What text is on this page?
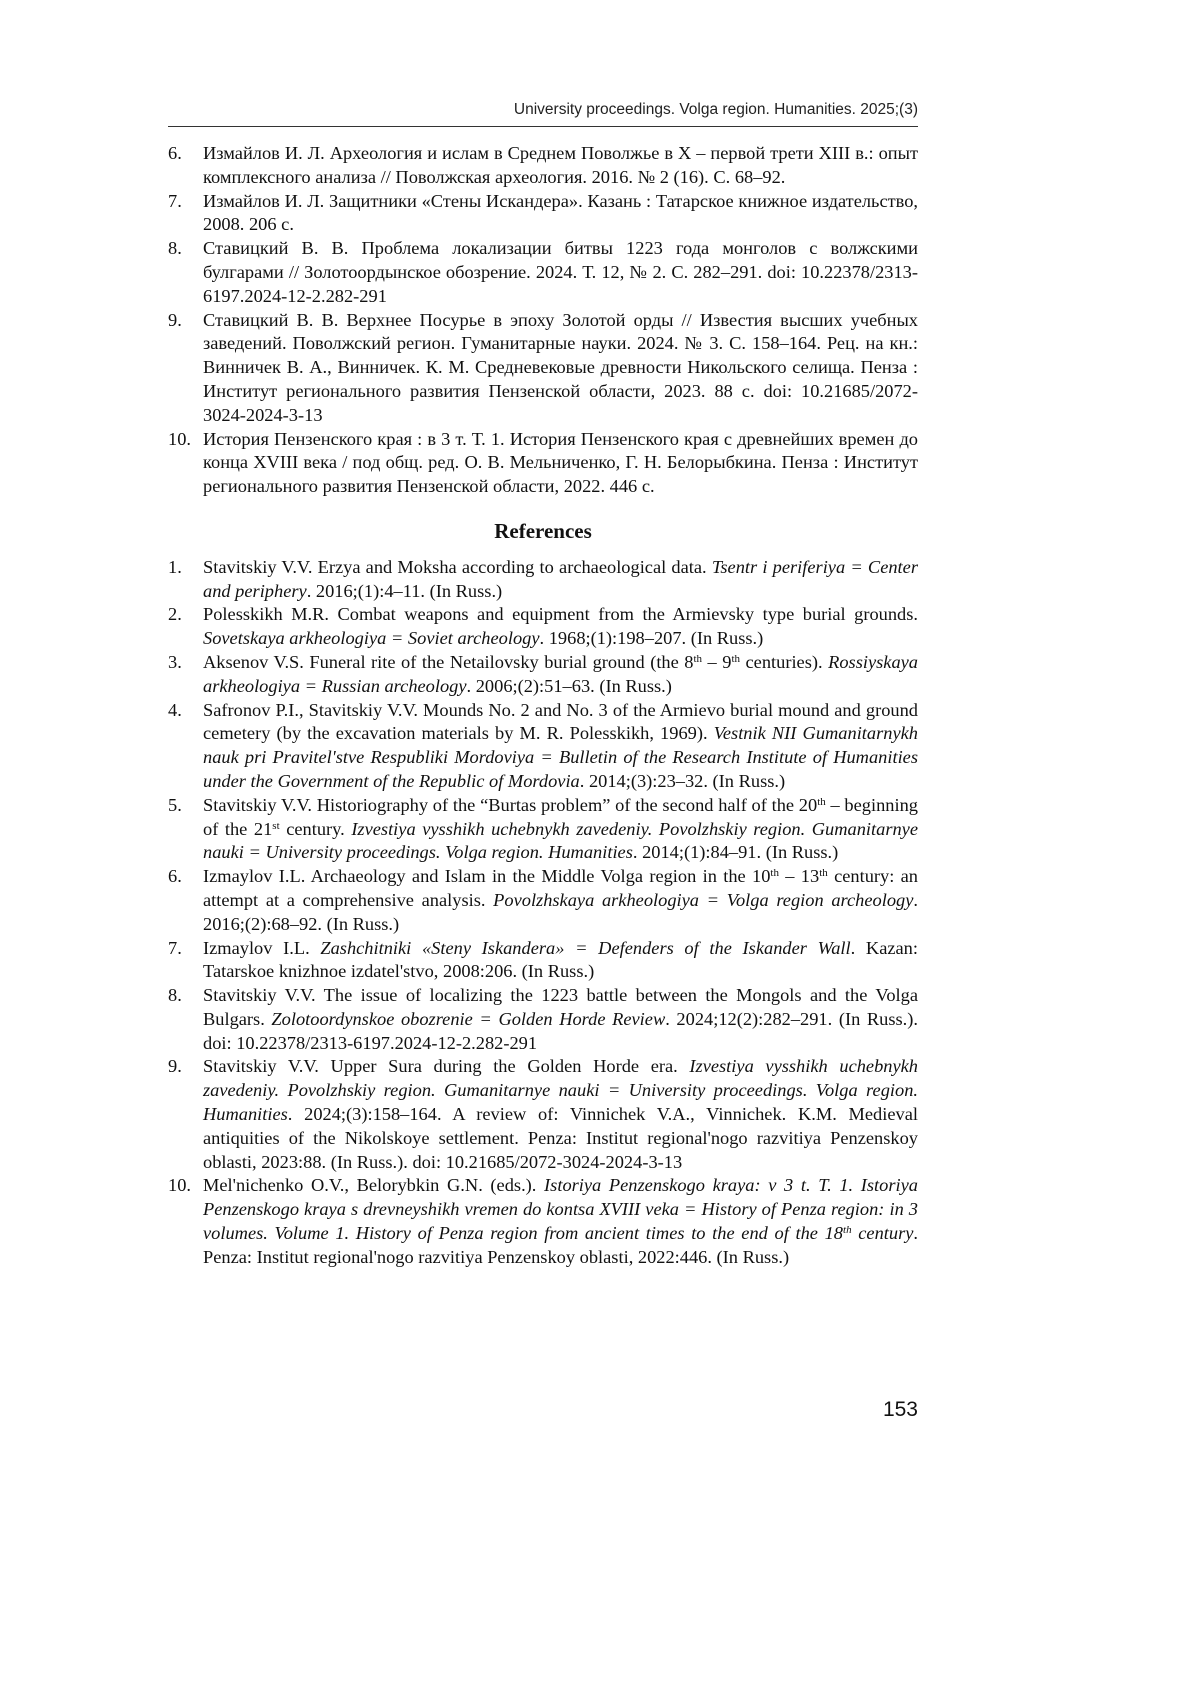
University proceedings. Volga region. Humanities. 2025;(3)
6.	Измайлов И. Л. Археология и ислам в Среднем Поволжье в X – первой трети XIII в.: опыт комплексного анализа // Поволжская археология. 2016. № 2 (16). С. 68–92.
7.	Измайлов И. Л. Защитники «Стены Искандера». Казань : Татарское книжное издательство, 2008. 206 с.
8.	Ставицкий В. В. Проблема локализации битвы 1223 года монголов с волжскими булгарами // Золотоордынское обозрение. 2024. Т. 12, № 2. С. 282–291. doi: 10.22378/2313-6197.2024-12-2.282-291
9.	Ставицкий В. В. Верхнее Посурье в эпоху Золотой орды // Известия высших учебных заведений. Поволжский регион. Гуманитарные науки. 2024. № 3. С. 158–164. Рец. на кн.: Винничек В. А., Винничек. К. М. Средневековые древности Никольского селища. Пенза : Институт регионального развития Пензенской области, 2023. 88 с. doi: 10.21685/2072-3024-2024-3-13
10. История Пензенского края : в 3 т. Т. 1. История Пензенского края с древнейших времен до конца XVIII века / под общ. ред. О. В. Мельниченко, Г. Н. Белорыбкина. Пенза : Институт регионального развития Пензенской области, 2022. 446 с.
References
1.	Stavitskiy V.V. Erzya and Moksha according to archaeological data. Tsentr i periferiya = Center and periphery. 2016;(1):4–11. (In Russ.)
2.	Polesskikh M.R. Combat weapons and equipment from the Armievsky type burial grounds. Sovetskaya arkheologiya = Soviet archeology. 1968;(1):198–207. (In Russ.)
3.	Aksenov V.S. Funeral rite of the Netailovsky burial ground (the 8th – 9th centuries). Rossiyskaya arkheologiya = Russian archeology. 2006;(2):51–63. (In Russ.)
4.	Safronov P.I., Stavitskiy V.V. Mounds No. 2 and No. 3 of the Armievo burial mound and ground cemetery (by the excavation materials by M. R. Polesskikh, 1969). Vestnik NII Gumanitarnykh nauk pri Pravitel'stve Respubliki Mordoviya = Bulletin of the Research Institute of Humanities under the Government of the Republic of Mordovia. 2014;(3):23–32. (In Russ.)
5.	Stavitskiy V.V. Historiography of the “Burtas problem” of the second half of the 20th – beginning of the 21st century. Izvestiya vysshikh uchebnykh zavedeniy. Povolzhskiy region. Gumanitarnye nauki = University proceedings. Volga region. Humanities. 2014;(1):84–91. (In Russ.)
6.	Izmaylov I.L. Archaeology and Islam in the Middle Volga region in the 10th – 13th century: an attempt at a comprehensive analysis. Povolzhskaya arkheologiya = Volga region archeology. 2016;(2):68–92. (In Russ.)
7.	Izmaylov I.L. Zashchitniki «Steny Iskandera» = Defenders of the Iskander Wall. Kazan: Tatarskoe knizhnoe izdatel'stvo, 2008:206. (In Russ.)
8.	Stavitskiy V.V. The issue of localizing the 1223 battle between the Mongols and the Volga Bulgars. Zolotoordynskoe obozrenie = Golden Horde Review. 2024;12(2):282–291. (In Russ.). doi: 10.22378/2313-6197.2024-12-2.282-291
9.	Stavitskiy V.V. Upper Sura during the Golden Horde era. Izvestiya vysshikh uchebnykh zavedeniy. Povolzhskiy region. Gumanitarnye nauki = University proceedings. Volga region. Humanities. 2024;(3):158–164. A review of: Vinnichek V.A., Vinnichek. K.M. Medieval antiquities of the Nikolskoye settlement. Penza: Institut regional'nogo razvitiya Penzenskoy oblasti, 2023:88. (In Russ.). doi: 10.21685/2072-3024-2024-3-13
10. Mel'nichenko O.V., Belorybkin G.N. (eds.). Istoriya Penzenskogo kraya: v 3 t. T. 1. Istoriya Penzenskogo kraya s drevneyshikh vremen do kontsa XVIII veka = History of Penza region: in 3 volumes. Volume 1. History of Penza region from ancient times to the end of the 18th century. Penza: Institut regional'nogo razvitiya Penzenskoy oblasti, 2022:446. (In Russ.)
153
